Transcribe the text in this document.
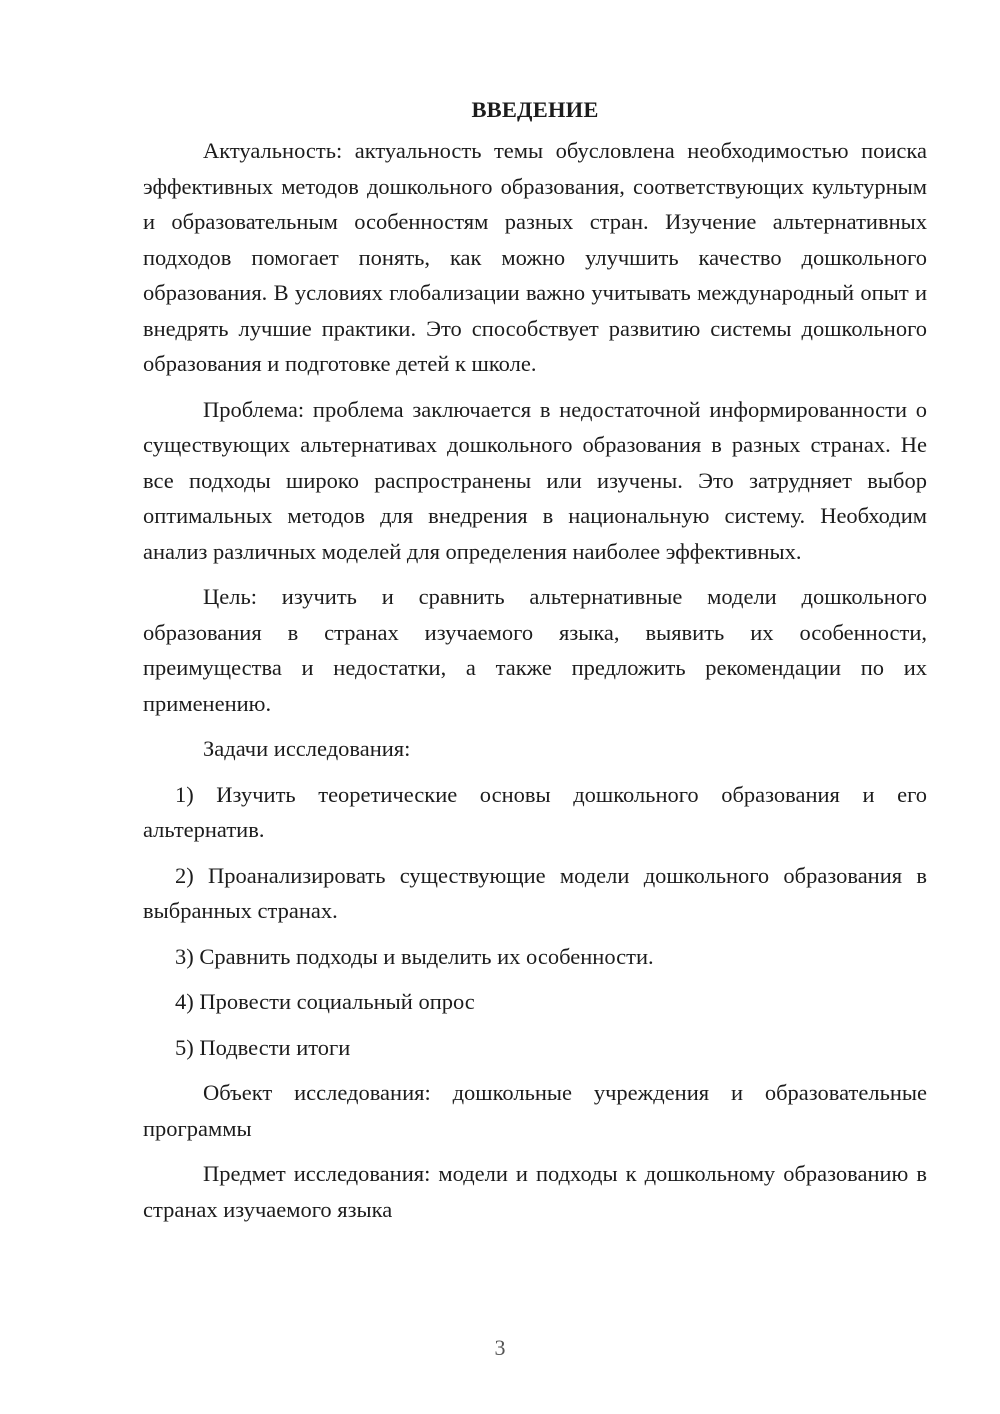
ВВЕДЕНИЕ

Актуальность: актуальность темы обусловлена необходимостью поиска эффективных методов дошкольного образования, соответствующих культурным и образовательным особенностям разных стран. Изучение альтернативных подходов помогает понять, как можно улучшить качество дошкольного образования. В условиях глобализации важно учитывать международный опыт и внедрять лучшие практики. Это способствует развитию системы дошкольного образования и подготовке детей к школе.

Проблема: проблема заключается в недостаточной информированности о существующих альтернативах дошкольного образования в разных странах. Не все подходы широко распространены или изучены. Это затрудняет выбор оптимальных методов для внедрения в национальную систему. Необходим анализ различных моделей для определения наиболее эффективных.

Цель: изучить и сравнить альтернативные модели дошкольного образования в странах изучаемого языка, выявить их особенности, преимущества и недостатки, а также предложить рекомендации по их применению.

Задачи исследования:

1) Изучить теоретические основы дошкольного образования и его альтернатив.

2) Проанализировать существующие модели дошкольного образования в выбранных странах.

3) Сравнить подходы и выделить их особенности.

4) Провести социальный опрос

5) Подвести итоги

Объект исследования: дошкольные учреждения и образовательные программы

Предмет исследования: модели и подходы к дошкольному образованию в странах изучаемого языка

3
